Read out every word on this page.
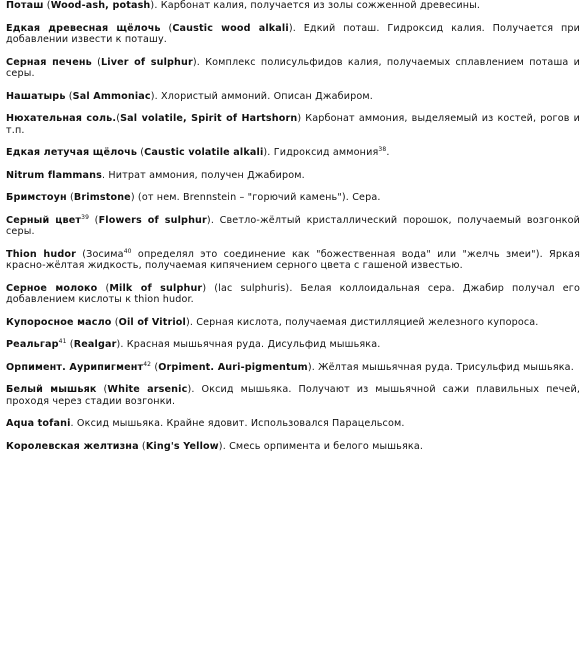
Поташ (Wood-ash, potash). Карбонат калия, получается из золы сожженной древесины.

Едкая древесная щёлочь (Caustic wood alkali). Едкий поташ. Гидроксид калия. Получается при добавлении извести к поташу.

Серная печень (Liver of sulphur). Комплекс полисульфидов калия, получаемых сплавлением поташа и серы.

Нашатырь (Sal Ammoniac). Хлористый аммоний. Описан Джабиром.

Нюхательная соль.(Sal volatile, Spirit of Hartshorn) Карбонат аммония, выделяемый из костей, рогов и т.п.

Едкая летучая щёлочь (Caustic volatile alkali). Гидроксид аммония$^{38}$.

Nitrum flammans. Нитрат аммония, получен Джабиром.

Бримстоун (Brimstone) (от нем. Brennstein – "горючий камень"). Сера.

Серный цвет$^{39}$ (Flowers of sulphur). Светло-жёлтый кристаллический порошок, получаемый возгонкой серы.

Thion hudor (Зосима$^{40}$ определял это соединение как "божественная вода" или "желчь змеи"). Яркая красно-жёлтая жидкость, получаемая кипячением серного цвета с гашеной известью.

Серное молоко (Milk of sulphur) (lac sulphuris). Белая коллоидальная сера. Джабир получал его добавлением кислоты к thion hudor.

Купоросное масло (Oil of Vitriol). Серная кислота, получаемая дистилляцией железного купороса.

Реальгар$^{41}$ (Realgar). Красная мышьячная руда. Дисульфид мышьяка.

Орпимент. Аурипигмент$^{42}$ (Orpiment. Auri-pigmentum). Жёлтая мышьячная руда. Трисульфид мышьяка.

Белый мышьяк (White arsenic). Оксид мышьяка. Получают из мышьячной сажи плавильных печей, проходя через стадии возгонки.

Aqua tofani. Оксид мышьяка. Крайне ядовит. Использовался Парацельсом.

Королевская желтизна (King's Yellow). Смесь орпимента и белого мышьяка.
